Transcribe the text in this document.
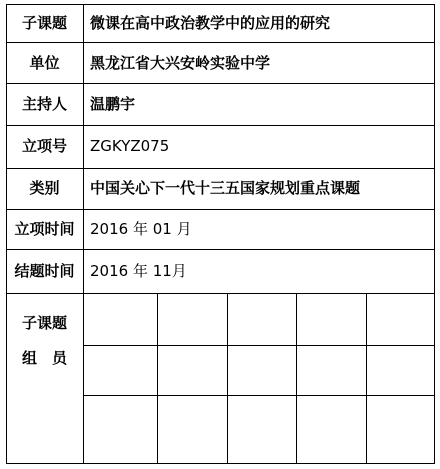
子课题	微课在高中政治教学中的应用的研究
单位	黑龙江省大兴安岭实验中学
主持人	温鹏宇
立项号	ZGKYZ075
类别	中国关心下一代十三五国家规划重点课题
立项时间	2016 年 01 月
结题时间	2016 年 11月
子课题
组　员
